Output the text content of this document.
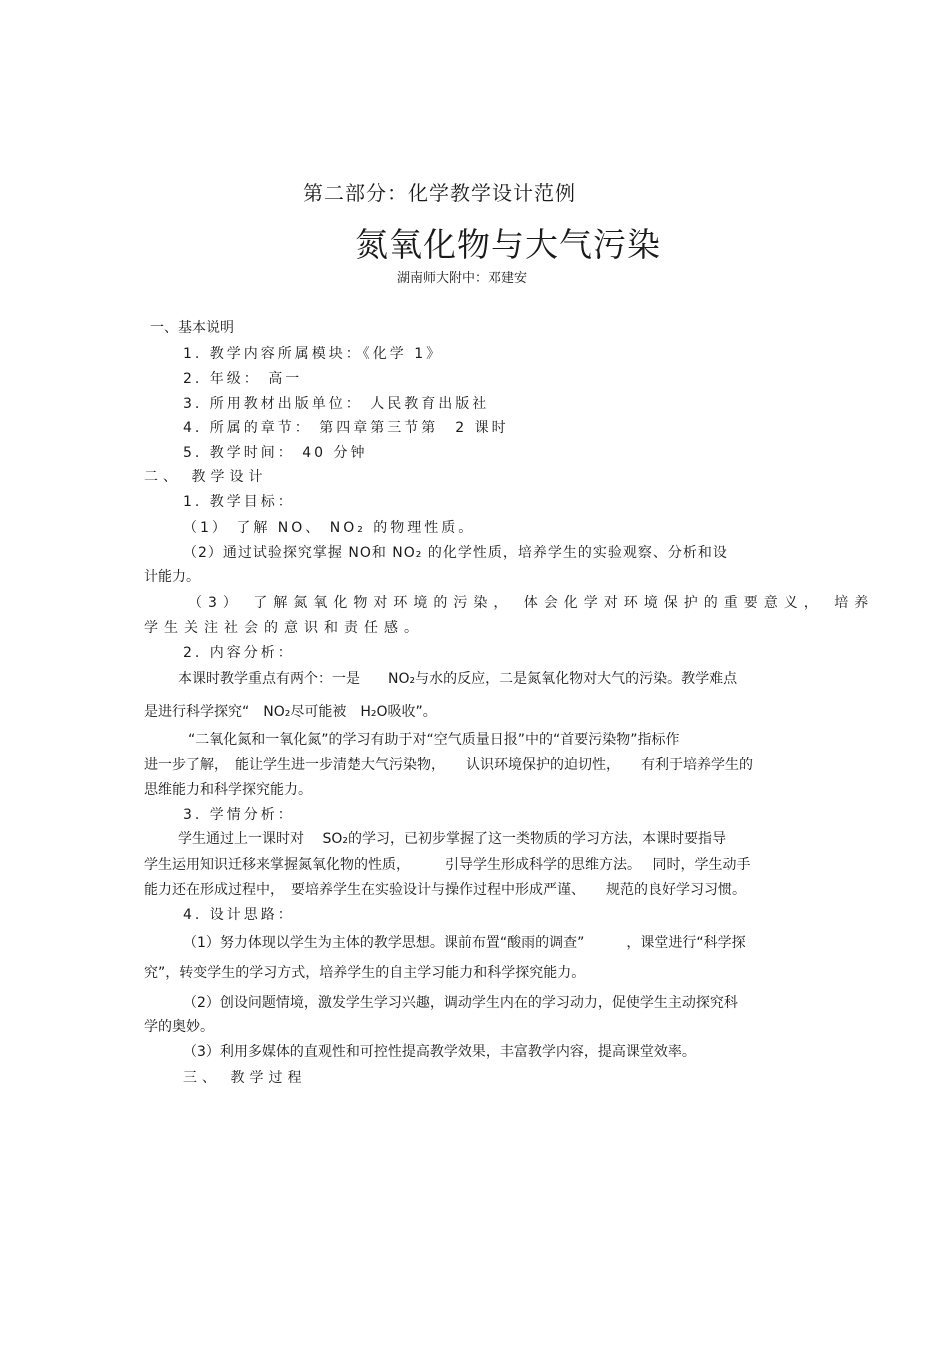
第二部分：化学教学设计范例
氮氧化物与大气污染
湖南师大附中：邓建安
一、基本说明
1. 教学内容所属模块：《化学 1》
2. 年级： 高一
3. 所用教材出版单位： 人民教育出版社
4. 所属的章节： 第四章第三节第　2 课时
5. 教学时间： 40 分钟
二、 教学设计
1. 教学目标：
（1） 了解 NO、 NO₂ 的物理性质。
（2）通过试验探究掌握 NO和 NO₂ 的化学性质，培养学生的实验观察、分析和设
计能力。
（3） 了解氮氧化物对环境的污染， 体会化学对环境保护的重要意义， 培养
学生关注社会的意识和责任感。
2. 内容分析：
本课时教学重点有两个：一是　　NO₂与水的反应，二是氮氧化物对大气的污染。教学难点
是进行科学探究“　NO₂尽可能被　H₂O吸收”。
“二氧化氮和一氧化氮”的学习有助于对“空气质量日报”中的“首要污染物”指标作
进一步了解，　能让学生进一步清楚大气污染物，　　认识环境保护的迫切性，　　有利于培养学生的
思维能力和科学探究能力。
3. 学情分析：
学生通过上一课时对　 SO₂的学习，已初步掌握了这一类物质的学习方法，本课时要指导
学生运用知识迁移来掌握氮氧化物的性质，　　　引导学生形成科学的思维方法。　 同时，学生动手
能力还在形成过程中，　要培养学生在实验设计与操作过程中形成严谨、　　规范的良好学习习惯。
4. 设计思路：
（1）努力体现以学生为主体的教学思想。课前布置“酸雨的调查”　　　，课堂进行“科学探
究”，转变学生的学习方式，培养学生的自主学习能力和科学探究能力。
（2）创设问题情境，激发学生学习兴趣，调动学生内在的学习动力，促使学生主动探究科
学的奥妙。
（3）利用多媒体的直观性和可控性提高教学效果，丰富教学内容，提高课堂效率。
三、 教学过程
